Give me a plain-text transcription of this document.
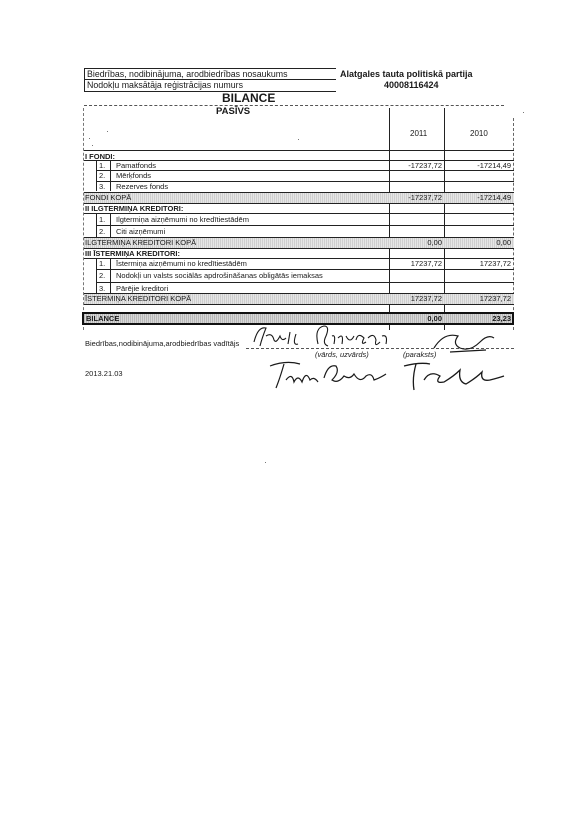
Biedrības, nodibinājuma, arodbiedrības nosaukums	Alatgales tauta politiskā partija
Nodokļu maksātāja reģistrācijas numurs	40008116424
BILANCE
PASĪVS
2011	2010
I FONDI:
1. Pamatfonds	-17237,72	-17214,49
2. Mērķfonds
3. Rezerves fonds
FONDI KOPĀ	-17237,72	-17214,49
II ILGTERMIŅA KREDITORI:
1. Ilgtermiņa aizņēmumi no kredītiestādēm
2. Citi aizņēmumi
ILGTERMIŅA KREDITORI KOPĀ	0,00	0,00
III ĪSTERMIŅA KREDITORI:
1. Īstermiņa aizņēmumi no kredītiestādēm	17237,72	17237,72
2. Nodokļi un valsts sociālās apdrošināšanas obligātās iemaksas
3. Pārējie kreditori
ĪSTERMIŅA KREDITORI KOPĀ	17237,72	17237,72
BILANCE	0,00	23,23
Biedrības,nodibinājuma,arodbiedrības vadītājs
(vārds, uzvārds)	(paraksts)
2013.21.03
